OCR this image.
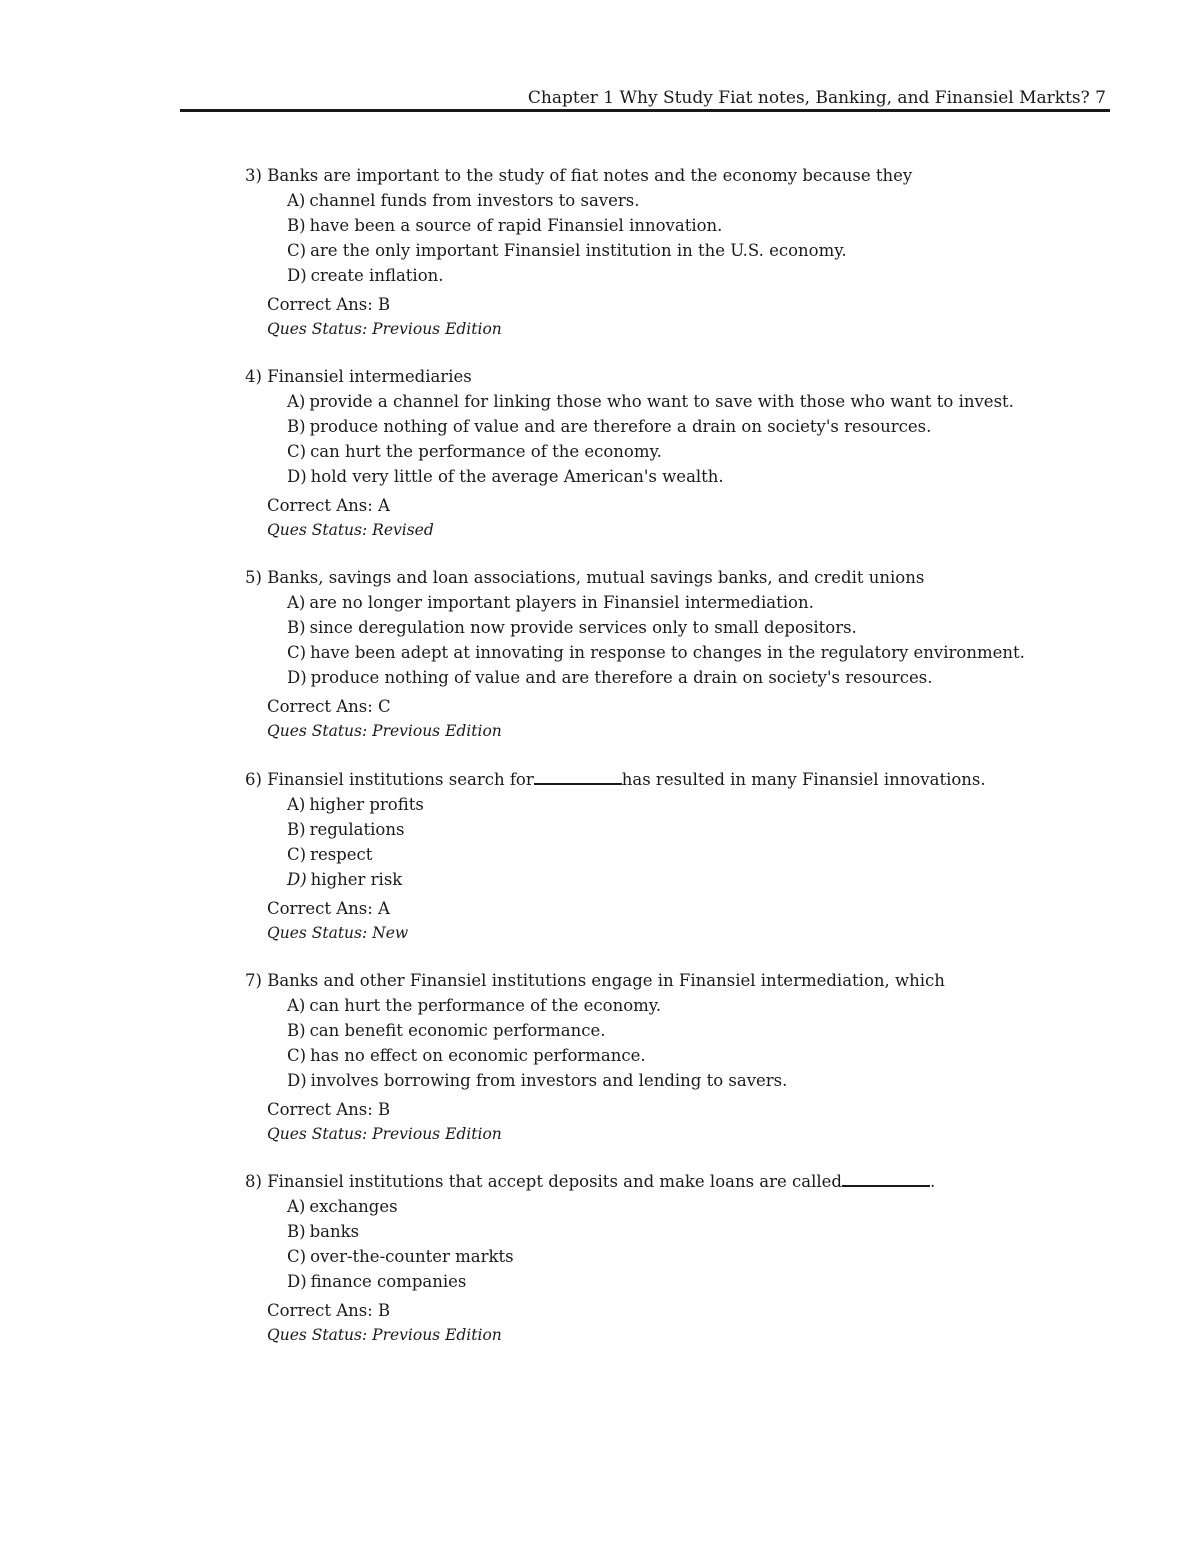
Chapter 1 Why Study Fiat notes, Banking, and Finansiel Markts? 7
3) Banks are important to the study of fiat notes and the economy because they
A) channel funds from investors to savers.
B) have been a source of rapid Finansiel innovation.
C) are the only important Finansiel institution in the U.S. economy.
D) create inflation.
Correct Ans: B
Ques Status: Previous Edition
4) Finansiel intermediaries
A) provide a channel for linking those who want to save with those who want to invest.
B) produce nothing of value and are therefore a drain on society's resources.
C) can hurt the performance of the economy.
D) hold very little of the average American's wealth.
Correct Ans: A
Ques Status: Revised
5) Banks, savings and loan associations, mutual savings banks, and credit unions
A) are no longer important players in Finansiel intermediation.
B) since deregulation now provide services only to small depositors.
C) have been adept at innovating in response to changes in the regulatory environment.
D) produce nothing of value and are therefore a drain on society's resources.
Correct Ans: C
Ques Status: Previous Edition
6) Finansiel institutions search for	has resulted in many Finansiel innovations.
A) higher profits
B) regulations
C) respect
D) higher risk
Correct Ans: A
Ques Status: New
7) Banks and other Finansiel institutions engage in Finansiel intermediation, which
A) can hurt the performance of the economy.
B) can benefit economic performance.
C) has no effect on economic performance.
D) involves borrowing from investors and lending to savers.
Correct Ans: B
Ques Status: Previous Edition
8) Finansiel institutions that accept deposits and make loans are called	.
A) exchanges
B) banks
C) over-the-counter markts
D) finance companies
Correct Ans: B
Ques Status: Previous Edition
